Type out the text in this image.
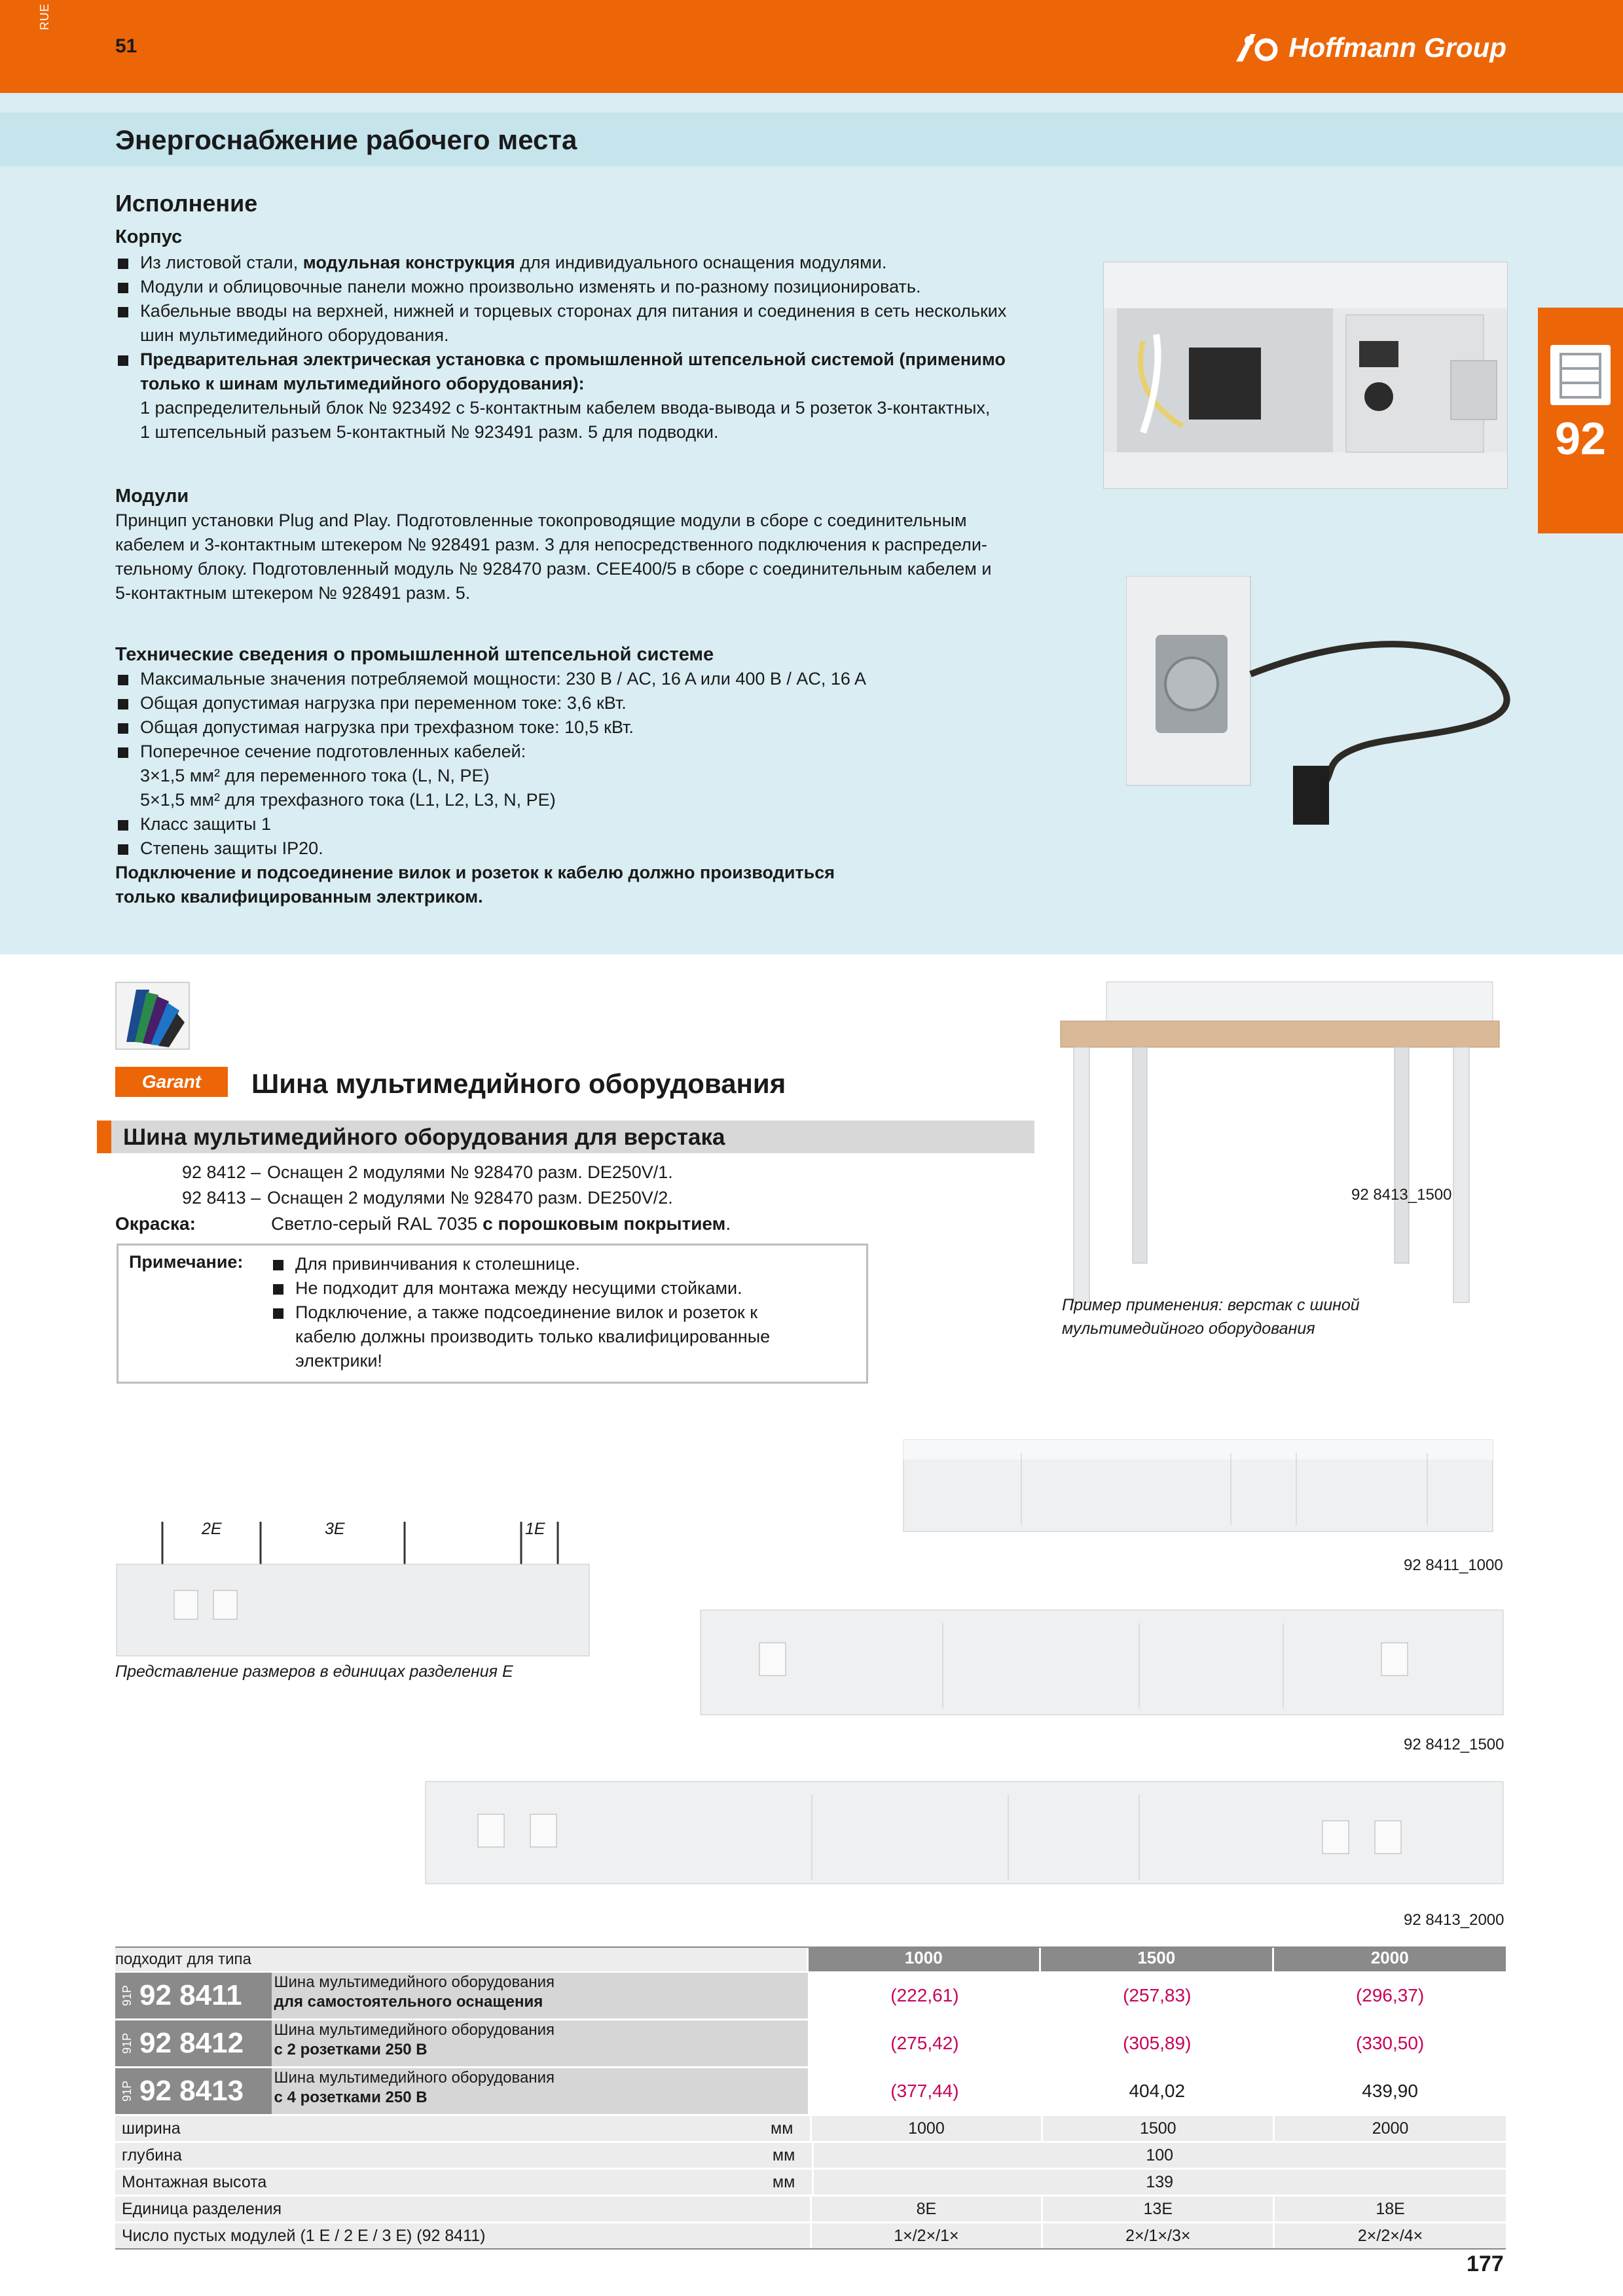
RUE
51	Hoffmann Group
Энергоснабжение рабочего места
Исполнение
Корпус
Из листовой стали, модульная конструкция для индивидуального оснащения модулями.
Модули и облицовочные панели можно произвольно изменять и по-разному позиционировать.
Кабельные вводы на верхней, нижней и торцевых сторонах для питания и соединения в сеть нескольких
шин мультимедийного оборудования.
Предварительная электрическая установка с промышленной штепсельной системой (применимо
только к шинам мультимедийного оборудования):
1 распределительный блок № 923492 с 5-контактным кабелем ввода-вывода и 5 розеток 3-контактных,
1 штепсельный разъем 5-контактный № 923491 разм. 5 для подводки.
Модули
Принцип установки Plug and Play. Подготовленные токопроводящие модули в сборе с соединительным
кабелем и 3-контактным штекером № 928491 разм. 3 для непосредственного подключения к распредели-
тельному блоку. Подготовленный модуль № 928470 разм. CEE400/5 в сборе с соединительным кабелем и
5-контактным штекером № 928491 разм. 5.
Технические сведения о промышленной штепсельной системе
Максимальные значения потребляемой мощности: 230 В / AC, 16 A или 400 В / AC, 16 A
Общая допустимая нагрузка при переменном токе: 3,6 кВт.
Общая допустимая нагрузка при трехфазном токе: 10,5 кВт.
Поперечное сечение подготовленных кабелей:
3×1,5 мм² для переменного тока (L, N, PE)
5×1,5 мм² для трехфазного тока (L1, L2, L3, N, PE)
Класс защиты 1
Степень защиты IP20.
Подключение и подсоединение вилок и розеток к кабелю должно производиться
только квалифицированным электриком.
92
Garant Шина мультимедийного оборудования
Шина мультимедийного оборудования для верстака
92 8412 – Оснащен 2 модулями № 928470 разм. DE250V/1.
92 8413 – Оснащен 2 модулями № 928470 разм. DE250V/2.
Окраска:	Светло-серый RAL 7035 с порошковым покрытием.
Примечание:	Для привинчивания к столешнице.
Не подходит для монтажа между несущими стойками.
Подключение, а также подсоединение вилок и розеток к
кабелю должны производить только квалифицированные
электрики!
92 8413_1500
Пример применения: верстак с шиной
мультимедийного оборудования
92 8411_1000
2E	3E	1E
Представление размеров в единицах разделения E
92 8412_1500
92 8413_2000
подходит для типа	1000	1500	2000
91P 92 8411 Шина мультимедийного оборудования
для самостоятельного оснащения	(222,61)	(257,83)	(296,37)
91P 92 8412 Шина мультимедийного оборудования
с 2 розетками 250 В	(275,42)	(305,89)	(330,50)
91P 92 8413 Шина мультимедийного оборудования
с 4 розетками 250 В	(377,44)	404,02	439,90
ширина	мм	1000	1500	2000
глубина	мм	100
Монтажная высота	мм	139
Единица разделения	8E	13E	18E
Число пустых модулей (1 E / 2 E / 3 E) (92 8411)	1×/2×/1×	2×/1×/3×	2×/2×/4×
177
